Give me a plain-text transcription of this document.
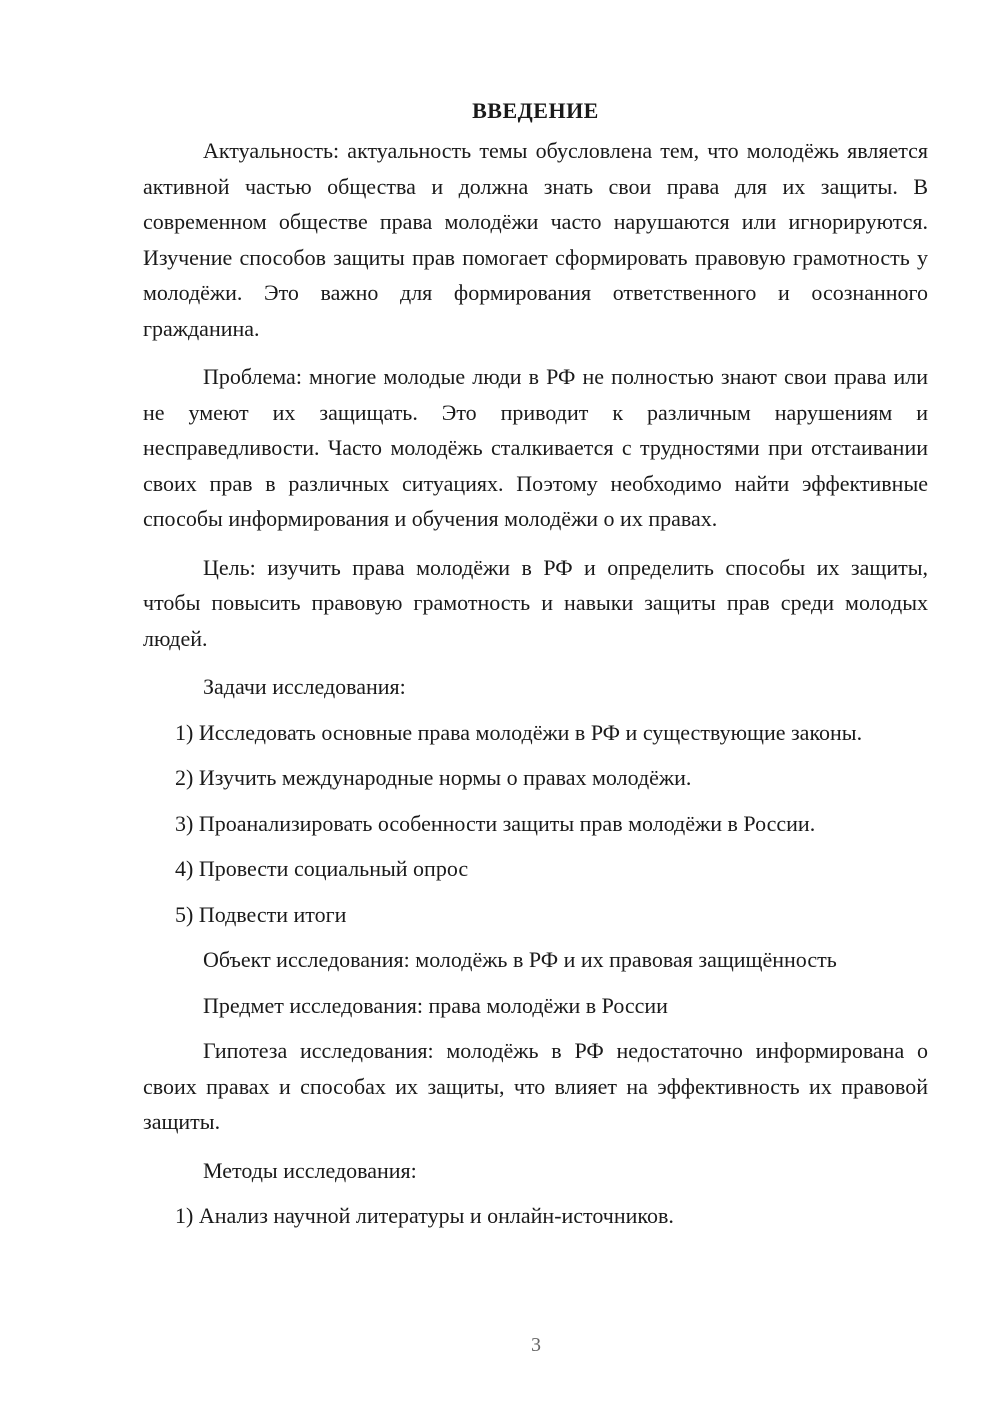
ВВЕДЕНИЕ

Актуальность: актуальность темы обусловлена тем, что молодёжь является активной частью общества и должна знать свои права для их защиты. В современном обществе права молодёжи часто нарушаются или игнорируются. Изучение способов защиты прав помогает сформировать правовую грамотность у молодёжи. Это важно для формирования ответственного и осознанного гражданина.

Проблема: многие молодые люди в РФ не полностью знают свои права или не умеют их защищать. Это приводит к различным нарушениям и несправедливости. Часто молодёжь сталкивается с трудностями при отстаивании своих прав в различных ситуациях. Поэтому необходимо найти эффективные способы информирования и обучения молодёжи о их правах.

Цель: изучить права молодёжи в РФ и определить способы их защиты, чтобы повысить правовую грамотность и навыки защиты прав среди молодых людей.

Задачи исследования:

1) Исследовать основные права молодёжи в РФ и существующие законы.

2) Изучить международные нормы о правах молодёжи.

3) Проанализировать особенности защиты прав молодёжи в России.

4) Провести социальный опрос

5) Подвести итоги

Объект исследования: молодёжь в РФ и их правовая защищённость

Предмет исследования: права молодёжи в России

Гипотеза исследования: молодёжь в РФ недостаточно информирована о своих правах и способах их защиты, что влияет на эффективность их правовой защиты.

Методы исследования:

1) Анализ научной литературы и онлайн-источников.

3
